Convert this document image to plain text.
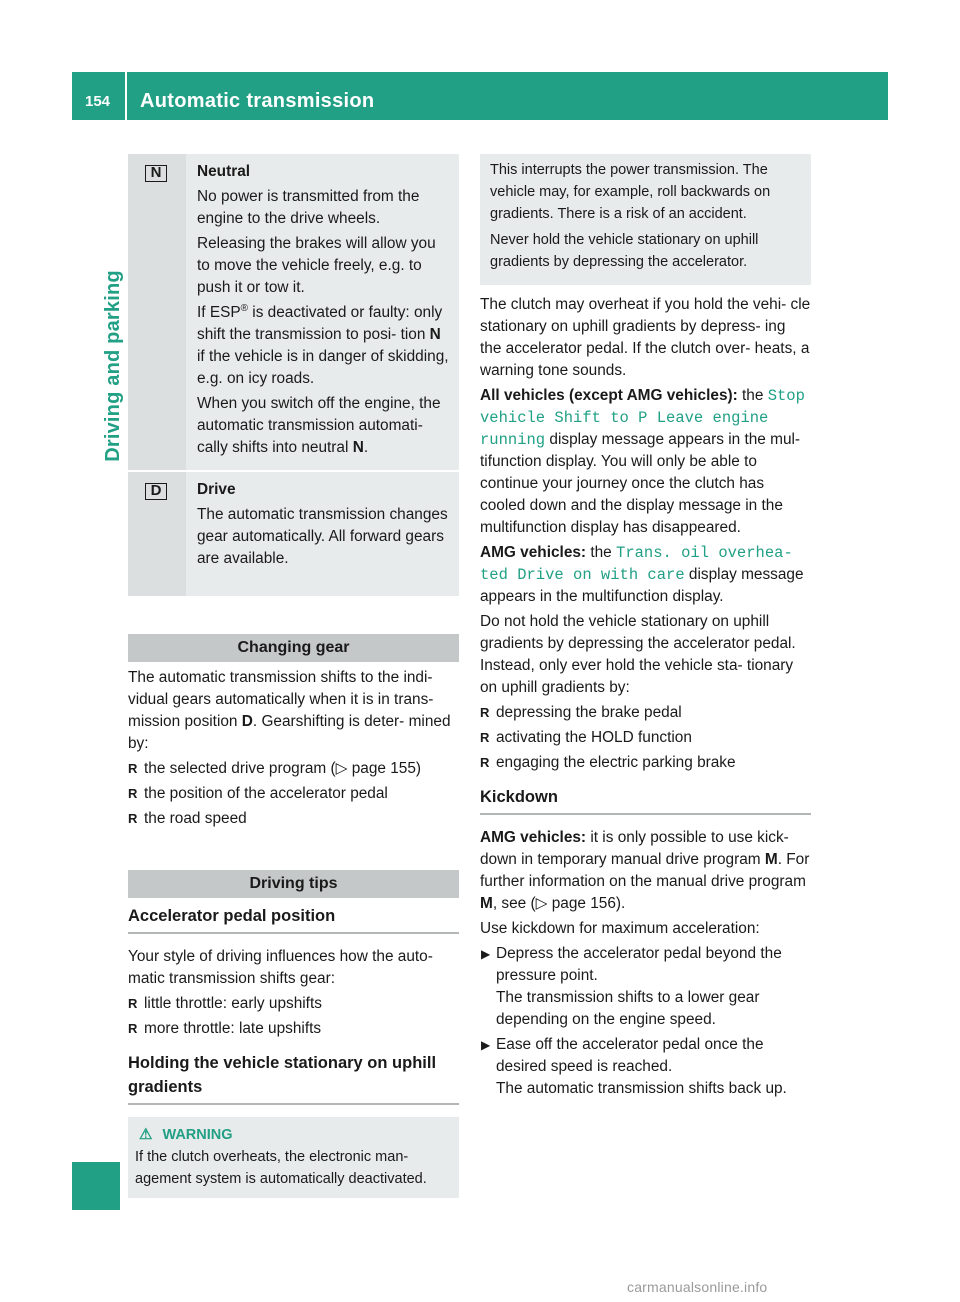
154 Automatic transmission
Driving and parking
N	Neutral

No power is transmitted from the engine to the drive wheels.

Releasing the brakes will allow you to move the vehicle freely, e.g. to push it or tow it.

If ESP® is deactivated or faulty: only shift the transmission to posi- tion N if the vehicle is in danger of skidding, e.g. on icy roads.

When you switch off the engine, the automatic transmission automati- cally shifts into neutral N.

D	Drive

The automatic transmission changes gear automatically. All forward gears are available.

Changing gear

The automatic transmission shifts to the indi- vidual gears automatically when it is in trans- mission position D. Gearshifting is deter- mined by:

R the selected drive program (▷ page 155)
R the position of the accelerator pedal
R the road speed
Driving tips
Accelerator pedal position

Your style of driving influences how the auto- matic transmission shifts gear:

R little throttle: early upshifts
R more throttle: late upshifts
Holding the vehicle stationary on uphill gradients
⚠ WARNING
If the clutch overheats, the electronic man- agement system is automatically deactivated.

This interrupts the power transmission. The vehicle may, for example, roll backwards on gradients. There is a risk of an accident.

Never hold the vehicle stationary on uphill gradients by depressing the accelerator.

The clutch may overheat if you hold the vehi- cle stationary on uphill gradients by depress- ing the accelerator pedal. If the clutch over- heats, a warning tone sounds.

All vehicles (except AMG vehicles): the Stop vehicle Shift to P Leave engine running display message appears in the mul- tifunction display. You will only be able to continue your journey once the clutch has cooled down and the display message in the multifunction display has disappeared.

AMG vehicles: the Trans. oil overhea‐ ted Drive on with care display message appears in the multifunction display.

Do not hold the vehicle stationary on uphill gradients by depressing the accelerator pedal. Instead, only ever hold the vehicle sta- tionary on uphill gradients by:

R depressing the brake pedal
R activating the HOLD function
R engaging the electric parking brake
Kickdown

AMG vehicles: it is only possible to use kick- down in temporary manual drive program M. For further information on the manual drive program M, see (▷ page 156).

Use kickdown for maximum acceleration:

▶ Depress the accelerator pedal beyond the pressure point.
The transmission shifts to a lower gear depending on the engine speed.
▶ Ease off the accelerator pedal once the desired speed is reached.
The automatic transmission shifts back up.
carmanualsonline.info
